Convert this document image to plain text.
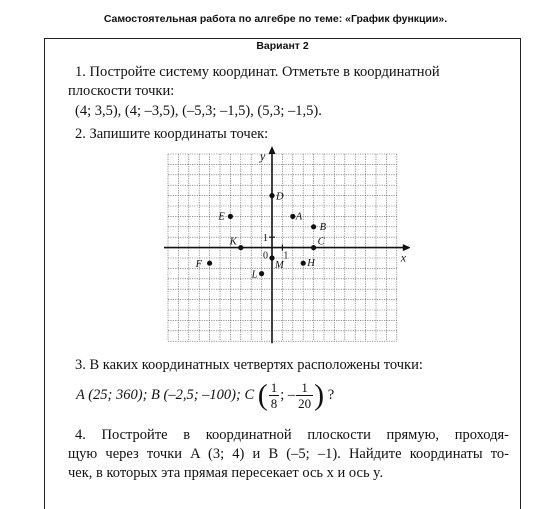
Самостоятельная работа по алгебре по теме: «График функции».
Вариант 2
1. Постройте систему координат. Отметьте в координатной
плоскости точки:
(4; 3,5), (4; –3,5), (–5,3; –1,5), (5,3; –1,5).
2. Запишите координаты точек:
x
y
0 1
1
D
E	A
B
K	C
M H
F
L
3. В каких координатных четвертях расположены точки:
A (25; 360); B (–2,5; –100); C ( $\frac{1}{8}$ ; – $\frac{1}{20}$ ) ?
4. Постройте в координатной плоскости прямую, проходя-
щую через точки A (3; 4) и B (–5; –1). Найдите координаты то-
чек, в которых эта прямая пересекает ось x и ось y.
